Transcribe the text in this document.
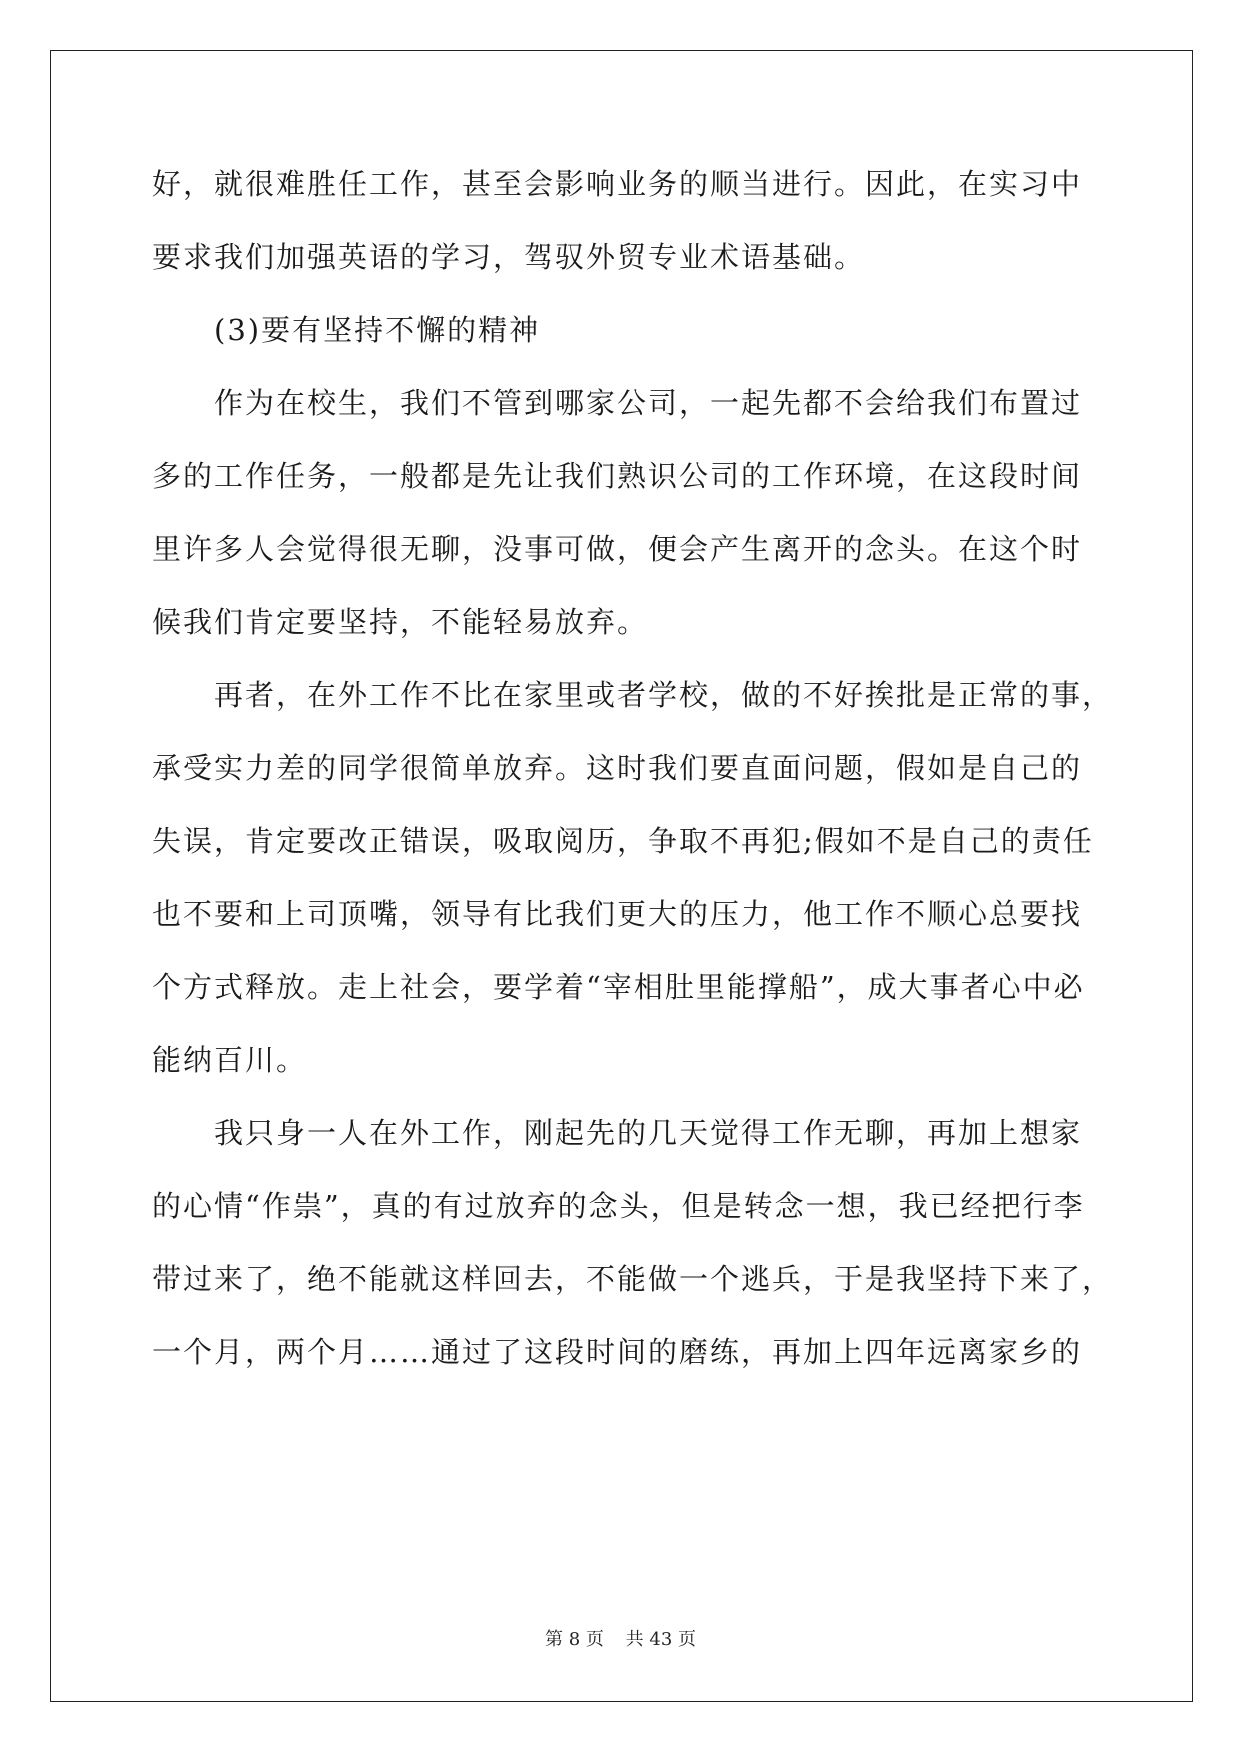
好，就很难胜任工作，甚至会影响业务的顺当进行。因此，在实习中
要求我们加强英语的学习，驾驭外贸专业术语基础。
(3)要有坚持不懈的精神
作为在校生，我们不管到哪家公司，一起先都不会给我们布置过
多的工作任务，一般都是先让我们熟识公司的工作环境，在这段时间
里许多人会觉得很无聊，没事可做，便会产生离开的念头。在这个时
候我们肯定要坚持，不能轻易放弃。
再者，在外工作不比在家里或者学校，做的不好挨批是正常的事，
承受实力差的同学很简单放弃。这时我们要直面问题，假如是自己的
失误，肯定要改正错误，吸取阅历，争取不再犯;假如不是自己的责任
也不要和上司顶嘴，领导有比我们更大的压力，他工作不顺心总要找
个方式释放。走上社会，要学着“宰相肚里能撑船”，成大事者心中必
能纳百川。
我只身一人在外工作，刚起先的几天觉得工作无聊，再加上想家
的心情“作祟”，真的有过放弃的念头，但是转念一想，我已经把行李
带过来了，绝不能就这样回去，不能做一个逃兵，于是我坚持下来了，
一个月，两个月……通过了这段时间的磨练，再加上四年远离家乡的
第 8 页 共 43 页
